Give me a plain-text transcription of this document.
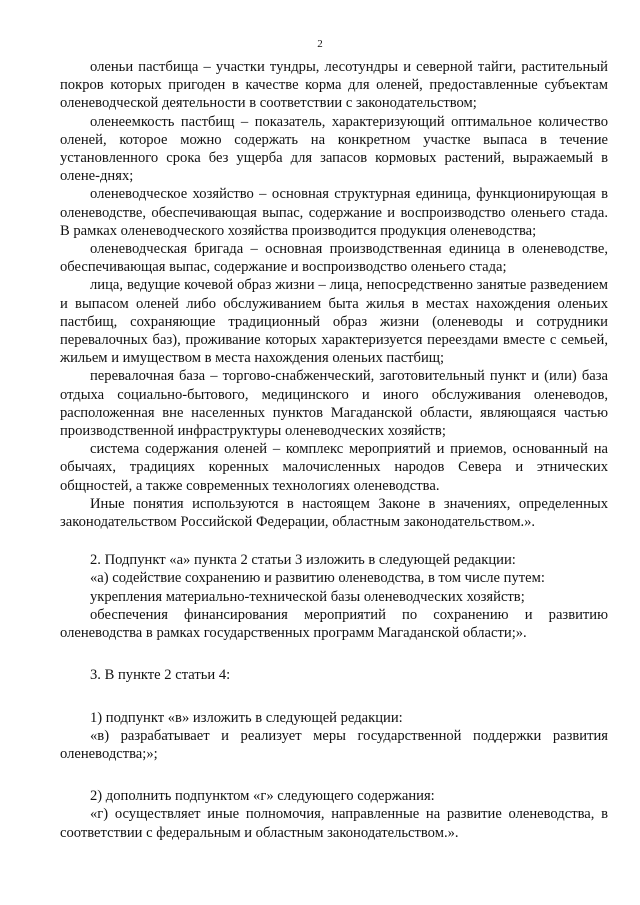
2

оленьи пастбища – участки тундры, лесотундры и северной тайги, растительный покров которых пригоден в качестве корма для оленей, предоставленные субъектам оленеводческой деятельности в соответствии с законодательством;

оленеемкость пастбищ – показатель, характеризующий оптимальное количество оленей, которое можно содержать на конкретном участке выпаса в течение установленного срока без ущерба для запасов кормовых растений, выражаемый в олене-днях;

оленеводческое хозяйство – основная структурная единица, функционирующая в оленеводстве, обеспечивающая выпас, содержание и воспроизводство оленьего стада. В рамках оленеводческого хозяйства производится продукция оленеводства;

оленеводческая бригада – основная производственная единица в оленеводстве, обеспечивающая выпас, содержание и воспроизводство оленьего стада;

лица, ведущие кочевой образ жизни – лица, непосредственно занятые разведением и выпасом оленей либо обслуживанием быта жилья в местах нахождения оленьих пастбищ, сохраняющие традиционный образ жизни (оленеводы и сотрудники перевалочных баз), проживание которых характеризуется переездами вместе с семьей, жильем и имуществом в места нахождения оленьих пастбищ;

перевалочная база – торгово-снабженческий, заготовительный пункт и (или) база отдыха социально-бытового, медицинского и иного обслуживания оленеводов, расположенная вне населенных пунктов Магаданской области, являющаяся частью производственной инфраструктуры оленеводческих хозяйств;

система содержания оленей – комплекс мероприятий и приемов, основанный на обычаях, традициях коренных малочисленных народов Севера и этнических общностей, а также современных технологиях оленеводства.

Иные понятия используются в настоящем Законе в значениях, определенных законодательством Российской Федерации, областным законодательством.».

2. Подпункт «а» пункта 2 статьи 3 изложить в следующей редакции:

«а) содействие сохранению и развитию оленеводства, в том числе путем:

укрепления материально-технической базы оленеводческих хозяйств;

обеспечения финансирования мероприятий по сохранению и развитию оленеводства в рамках государственных программ Магаданской области;».

3. В пункте 2 статьи 4:

1) подпункт «в» изложить в следующей редакции:

«в) разрабатывает и реализует меры государственной поддержки развития оленеводства;»;

2) дополнить подпунктом «г» следующего содержания:

«г) осуществляет иные полномочия, направленные на развитие оленеводства, в соответствии с федеральным и областным законодательством.».
